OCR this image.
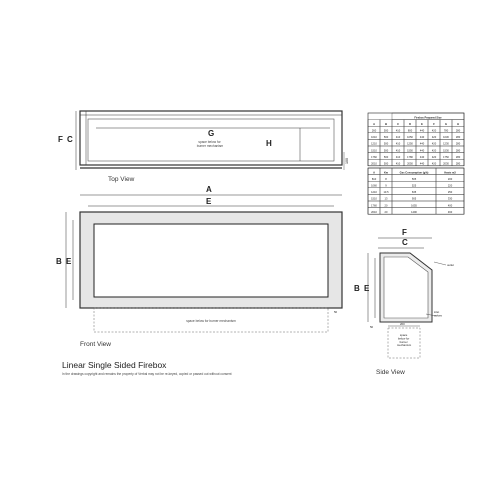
F C
G
H
space below for burner mechanism
100
Top View
A
E
B E
space below for burner mechanism
50
Front View
Linear Single Sided Firebox
In the drawings copyright and remains the property of Verbal may not be re-keyed, copied or passed out without consent
F
C
B E
outlet
inlet valves
200
space below for burner mechanism
50
Side View
Firebox Prepared Size
A	B	C	D	E	F	G	H
260	500	410	800	440	420	780	280
1010	500	410	1050	440	420	1030	280
1210	500	410	1250	440	420	1230	280
1510	500	410	1550	440	420	1530	280
1760	500	410	1780	440	420	1750	280
2010	500	410	2050	440	420	2030	280
A	Kw	Gas Consumption (g/h)	Heats m3
810	8	505	200
1060	9	525	220
1210	10.5	635	250
1510	13	905	330
1760	20	1655	400
2010	20	1490	460
